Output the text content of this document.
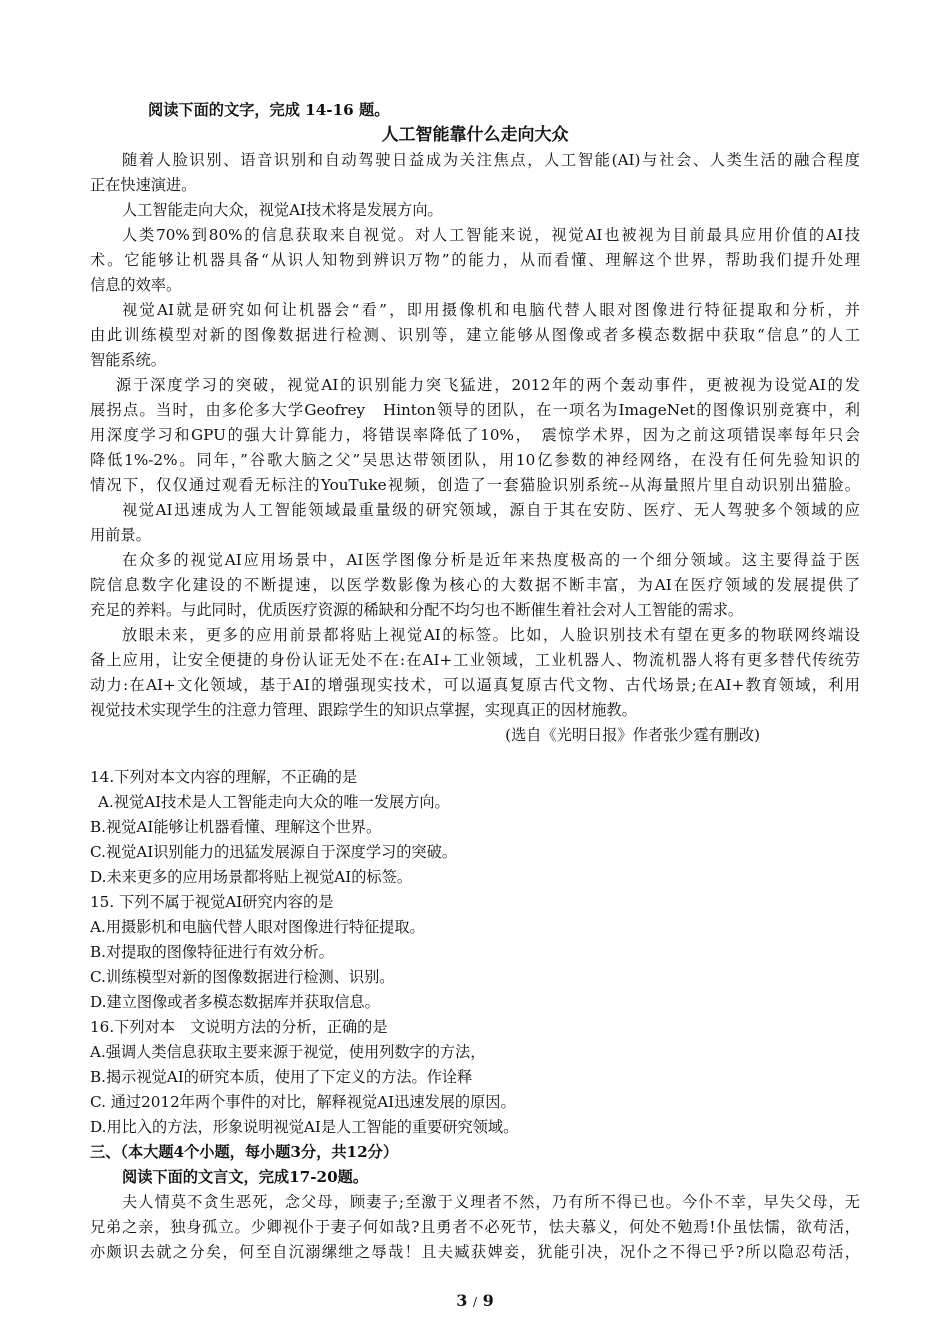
阅读下面的文字，完成 14-16 题。
人工智能靠什么走向大众
随着人脸识别、语音识别和自动驾驶日益成为关注焦点，人工智能(AI)与社会、人类生活的融合程度
正在快速演进。
人工智能走向大众，视觉AI技术将是发展方向。
人类70%到80%的信息获取来自视觉。对人工智能来说，视觉AI也被视为目前最具应用价值的AI技
术。它能够让机器具备“从识人知物到辨识万物”的能力，从而看懂、理解这个世界，帮助我们提升处理
信息的效率。
视觉AI就是研究如何让机器会“看”，即用摄像机和电脑代替人眼对图像进行特征提取和分析，并
由此训练模型对新的图像数据进行检测、识别等，建立能够从图像或者多模态数据中获取“信息”的人工
智能系统。
源于深度学习的突破，视觉AI的识别能力突飞猛进，2012年的两个轰动事件，更被视为设觉AI的发
展拐点。当时，由多伦多大学Geofrey　Hinton领导的团队，在一项名为ImageNet的图像识别竞赛中，利
用深度学习和GPU的强大计算能力，将错误率降低了10%，　震惊学术界，因为之前这项错误率每年只会
降低1%-2%。同年，”谷歌大脑之父”吴思达带领团队，用10亿参数的神经网络，在没有任何先验知识的
情况下，仅仅通过观看无标注的YouTuke视频，创造了一套猫脸识别系统--从海量照片里自动识别出猫脸。
视觉AI迅速成为人工智能领域最重量级的研究领域，源自于其在安防、医疗、无人驾驶多个领域的应
用前景。
在众多的视觉AI应用场景中，AI医学图像分析是近年来热度极高的一个细分领域。这主要得益于医
院信息数字化建设的不断提速，以医学数影像为核心的大数据不断丰富，为AI在医疗领域的发展提供了
充足的养料。与此同时，优质医疗资源的稀缺和分配不均匀也不断催生着社会对人工智能的需求。
放眼未来，更多的应用前景都将贴上视觉AI的标签。比如，人脸识别技术有望在更多的物联网终端设
备上应用，让安全便捷的身份认证无处不在:在AI+工业领域，工业机器人、物流机器人将有更多替代传统劳
动力:在AI+文化领域，基于AI的增强现实技术，可以逼真复原古代文物、古代场景;在AI+教育领域，利用
视觉技术实现学生的注意力管理、跟踪学生的知识点掌握，实现真正的因材施教。
(选自《光明日报》作者张少霆有删改)
14.下列对本文内容的理解，不正确的是
A.视觉AI技术是人工智能走向大众的唯一发展方向。
B.视觉AI能够让机器看懂、理解这个世界。
C.视觉AI识别能力的迅猛发展源自于深度学习的突破。
D.未来更多的应用场景都将贴上视觉AI的标签。
15. 下列不属于视觉AI研究内容的是
A.用摄影机和电脑代替人眼对图像进行特征提取。
B.对提取的图像特征进行有效分析。
C.训练模型对新的图像数据进行检测、识别。
D.建立图像或者多模态数据库并获取信息。
16.下列对本　文说明方法的分析，正确的是
A.强调人类信息获取主要来源于视觉，使用列数字的方法，
B.揭示视觉AI的研究本质，使用了下定义的方法。作诠释
C. 通过2012年两个事件的对比，解释视觉AI迅速发展的原因。
D.用比入的方法，形象说明视觉AI是人工智能的重要研究领域。
三、（本大题4个小题，每小题3分，共12分）
阅读下面的文言文，完成17-20题。
夫人情莫不贪生恶死，念父母，顾妻子;至激于义理者不然，乃有所不得已也。今仆不幸，早失父母，无
兄弟之亲，独身孤立。少卿视仆于妻子何如哉?且勇者不必死节，怯夫慕义，何处不勉焉!仆虽怯懦，欲苟活，
亦颇识去就之分矣，何至自沉溺缧绁之辱哉！且夫臧获婢妾，犹能引决，况仆之不得已乎?所以隐忍苟活，
3 / 9
